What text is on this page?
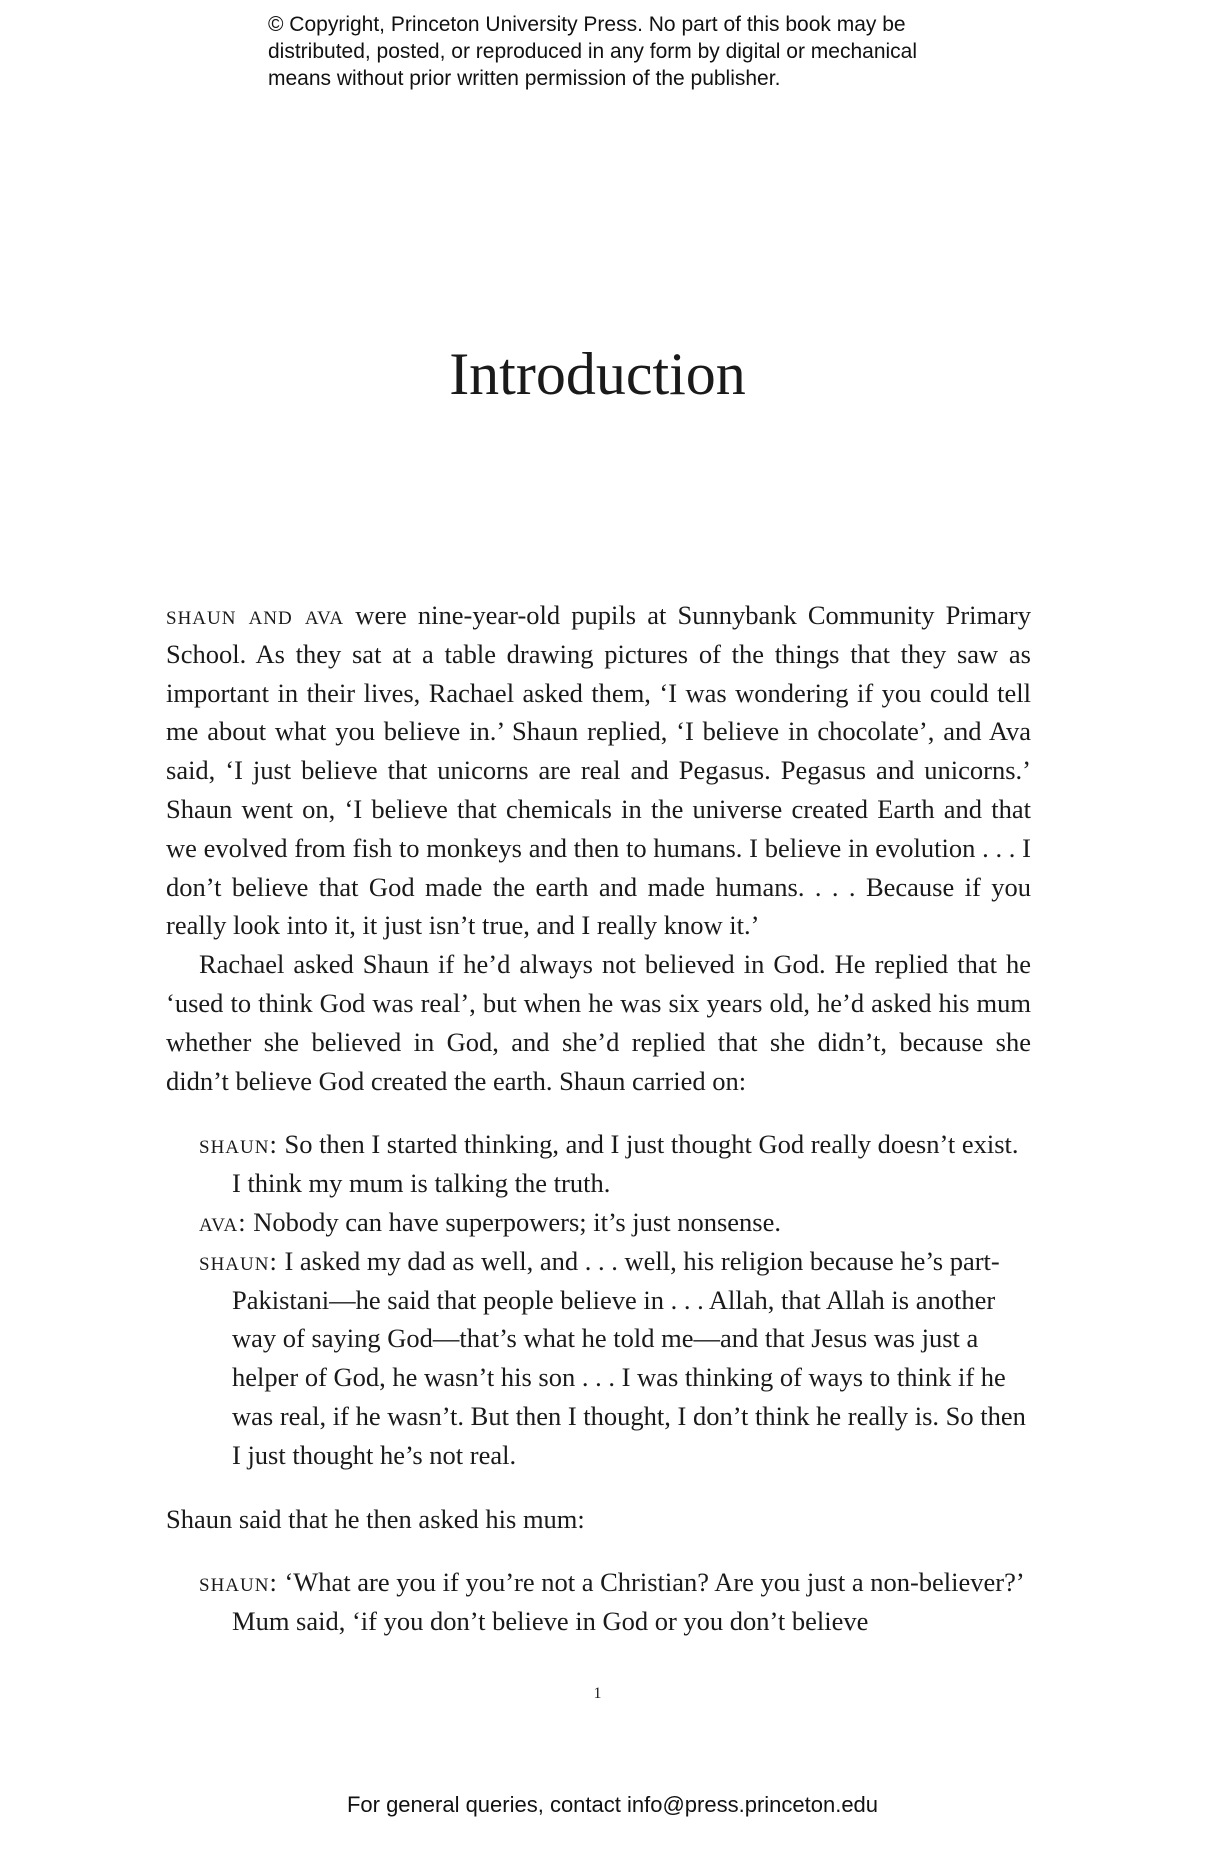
© Copyright, Princeton University Press. No part of this book may be
distributed, posted, or reproduced in any form by digital or mechanical
means without prior written permission of the publisher.
Introduction

shaun and ava were nine-year-old pupils at Sunnybank Community Primary School. As they sat at a table drawing pictures of the things that they saw as important in their lives, Rachael asked them, ‘I was wondering if you could tell me about what you believe in.’ Shaun replied, ‘I believe in chocolate’, and Ava said, ‘I just believe that unicorns are real and Pegasus. Pegasus and unicorns.’ Shaun went on, ‘I believe that chemicals in the universe created Earth and that we evolved from fish to monkeys and then to humans. I believe in evolution . . . I don’t believe that God made the earth and made humans. . . . Because if you really look into it, it just isn’t true, and I really know it.’

Rachael asked Shaun if he’d always not believed in God. He replied that he ‘used to think God was real’, but when he was six years old, he’d asked his mum whether she believed in God, and she’d replied that she didn’t, because she didn’t believe God created the earth. Shaun carried on:

shaun: So then I started thinking, and I just thought God really doesn’t exist. I think my mum is talking the truth.

ava: Nobody can have superpowers; it’s just nonsense.

shaun: I asked my dad as well, and . . . well, his religion because he’s part-Pakistani—he said that people believe in . . . Allah, that Allah is another way of saying God—that’s what he told me—and that Jesus was just a helper of God, he wasn’t his son . . . I was thinking of ways to think if he was real, if he wasn’t. But then I thought, I don’t think he really is. So then I just thought he’s not real.

Shaun said that he then asked his mum:

shaun: ‘What are you if you’re not a Christian? Are you just a non-believer?’ Mum said, ‘if you don’t believe in God or you don’t believe

1
For general queries, contact info@press.princeton.edu
